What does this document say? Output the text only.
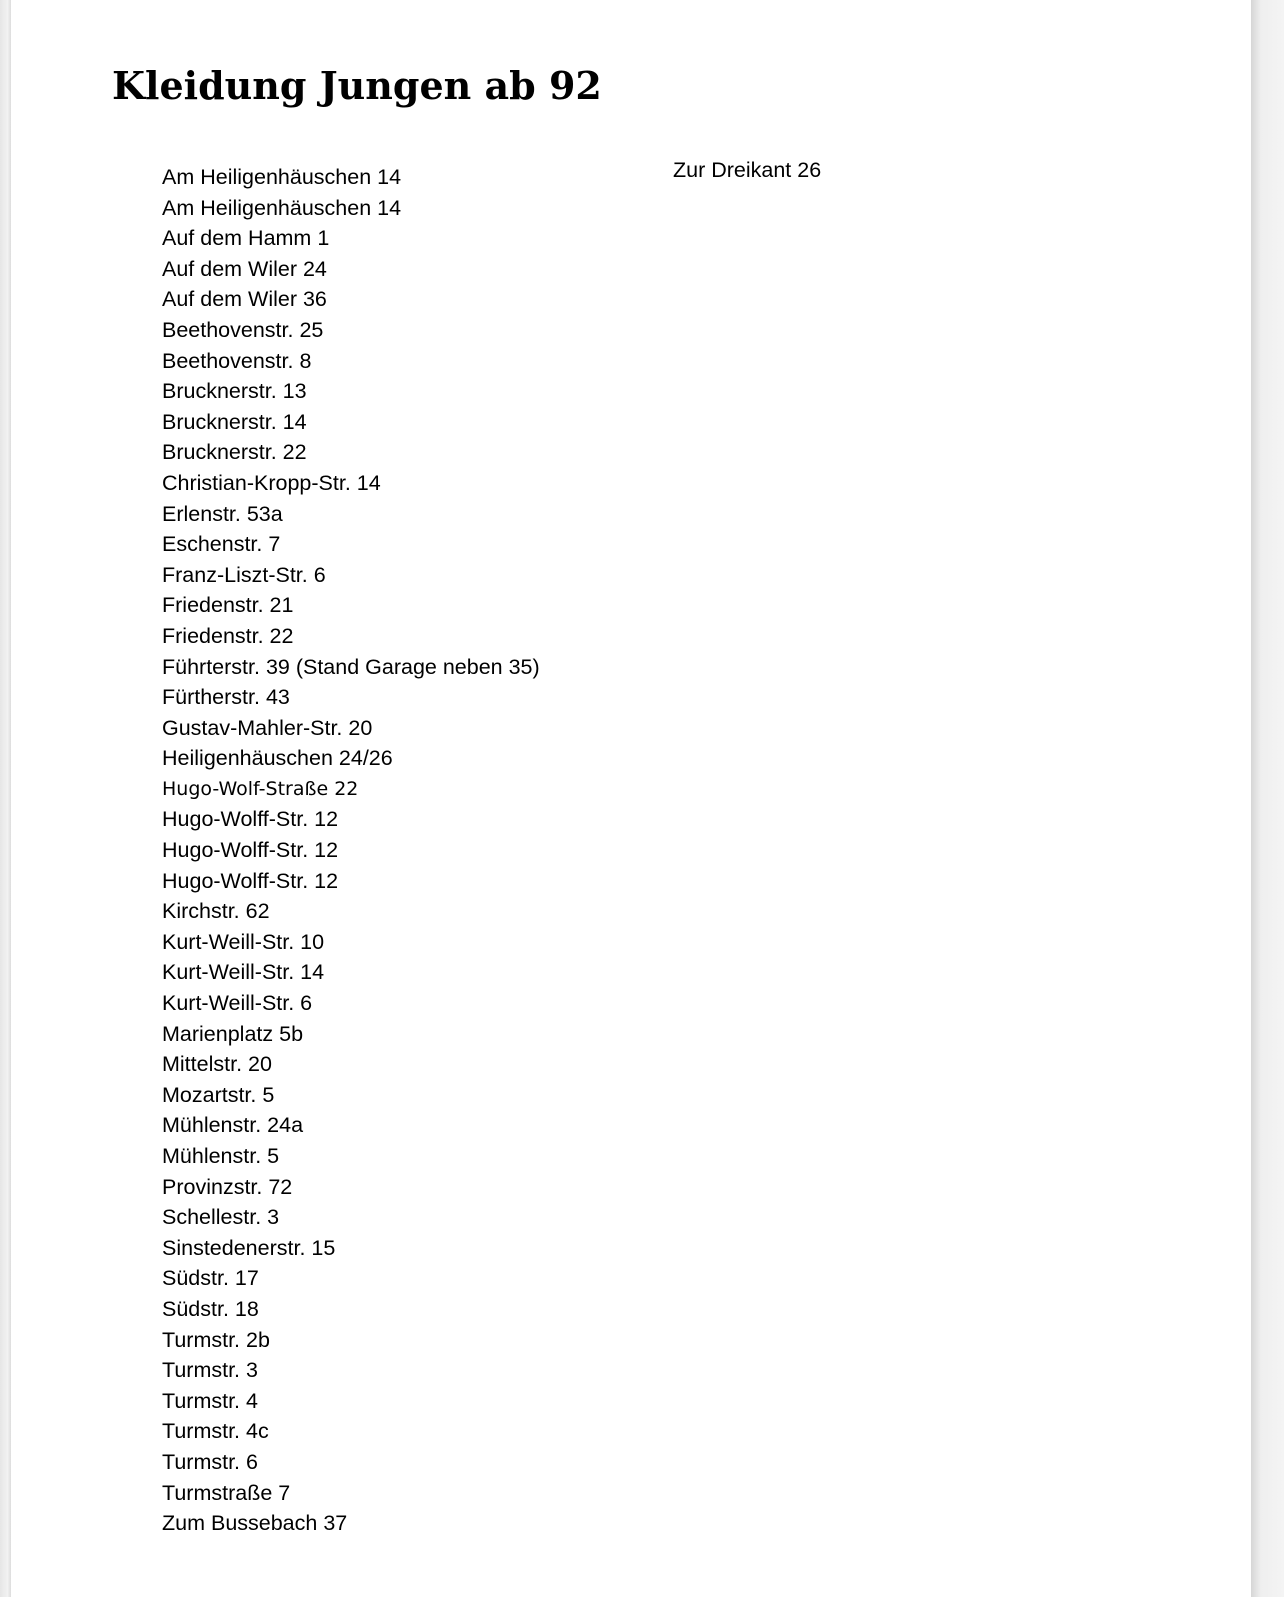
Kleidung Jungen ab 92
Am Heiligenhäuschen 14
Am Heiligenhäuschen 14
Auf dem Hamm 1
Auf dem Wiler 24
Auf dem Wiler 36
Beethovenstr. 25
Beethovenstr. 8
Brucknerstr. 13
Brucknerstr. 14
Brucknerstr. 22
Christian-Kropp-Str. 14
Erlenstr. 53a
Eschenstr. 7
Franz-Liszt-Str. 6
Friedenstr. 21
Friedenstr. 22
Führterstr. 39 (Stand Garage neben 35)
Fürtherstr. 43
Gustav-Mahler-Str. 20
Heiligenhäuschen 24/26
Hugo-Wolf-Straße 22
Hugo-Wolff-Str. 12
Hugo-Wolff-Str. 12
Hugo-Wolff-Str. 12
Kirchstr. 62
Kurt-Weill-Str. 10
Kurt-Weill-Str. 14
Kurt-Weill-Str. 6
Marienplatz 5b
Mittelstr. 20
Mozartstr. 5
Mühlenstr. 24a
Mühlenstr. 5
Provinzstr. 72
Schellestr. 3
Sinstedenerstr. 15
Südstr. 17
Südstr. 18
Turmstr. 2b
Turmstr. 3
Turmstr. 4
Turmstr. 4c
Turmstr. 6
Turmstraße 7
Zum Bussebach 37
Zur Dreikant 26
